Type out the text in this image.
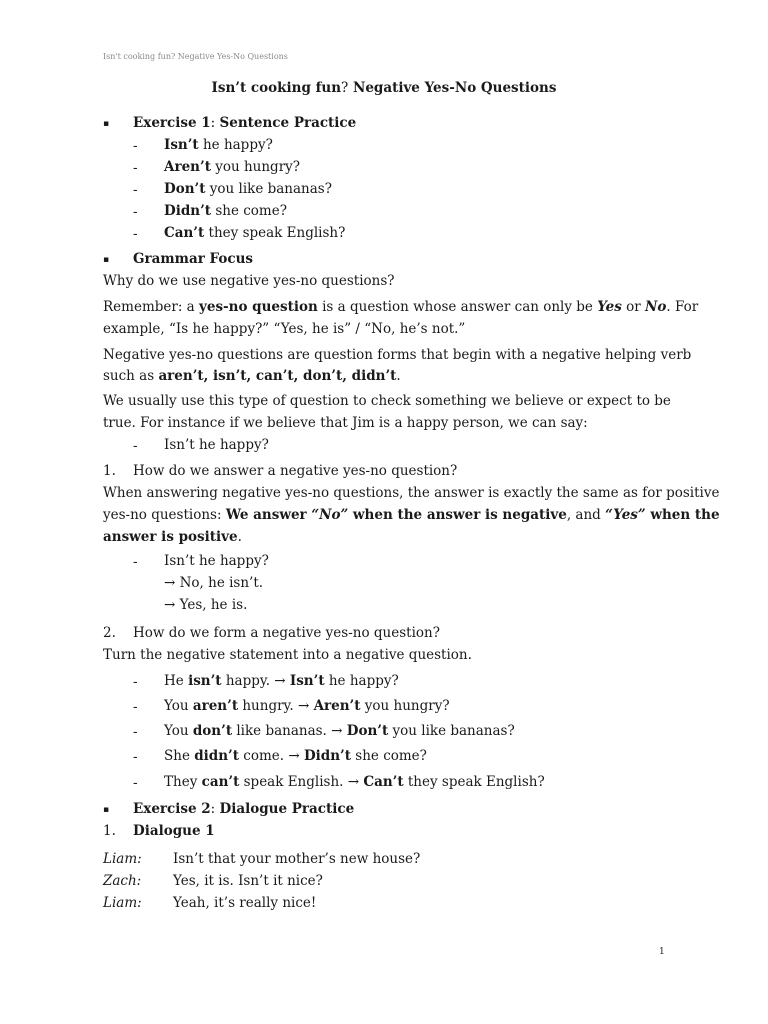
Isn't cooking fun? Negative Yes-No Questions
Isn’t cooking fun? Negative Yes-No Questions
▪ Exercise 1: Sentence Practice
- Isn’t he happy?
- Aren’t you hungry?
- Don’t you like bananas?
- Didn’t she come?
- Can’t they speak English?
▪ Grammar Focus
Why do we use negative yes-no questions?
Remember: a yes-no question is a question whose answer can only be Yes or No. For
example, “Is he happy?” “Yes, he is” / “No, he’s not.”
Negative yes-no questions are question forms that begin with a negative helping verb
such as aren’t, isn’t, can’t, don’t, didn’t.
We usually use this type of question to check something we believe or expect to be
true. For instance if we believe that Jim is a happy person, we can say:
- Isn’t he happy?
1. How do we answer a negative yes-no question?
When answering negative yes-no questions, the answer is exactly the same as for positive
yes-no questions: We answer “No” when the answer is negative, and “Yes” when the
answer is positive.
- Isn’t he happy?
→ No, he isn’t.
→ Yes, he is.
2. How do we form a negative yes-no question?
Turn the negative statement into a negative question.
- He isn’t happy. → Isn’t he happy?
- You aren’t hungry. → Aren’t you hungry?
- You don’t like bananas. → Don’t you like bananas?
- She didn’t come. → Didn’t she come?
- They can’t speak English. → Can’t they speak English?
▪ Exercise 2: Dialogue Practice
1. Dialogue 1
Liam: Isn’t that your mother’s new house?
Zach: Yes, it is. Isn’t it nice?
Liam: Yeah, it’s really nice!
1
